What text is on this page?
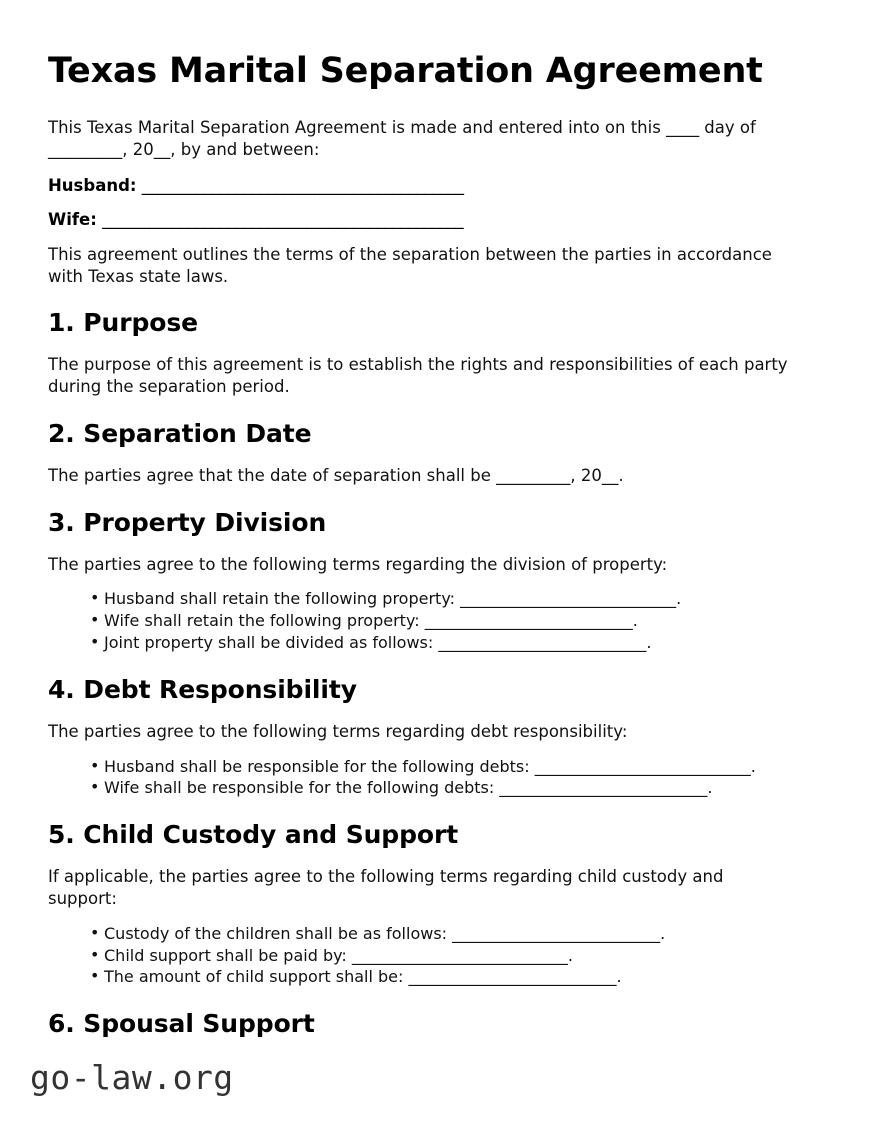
Texas Marital Separation Agreement

This Texas Marital Separation Agreement is made and entered into on this ____ day of _________, 20__, by and between:

Husband: _________________________________________
Wife: ______________________________________________

This agreement outlines the terms of the separation between the parties in accordance with Texas state laws.

1. Purpose

The purpose of this agreement is to establish the rights and responsibilities of each party during the separation period.

2. Separation Date

The parties agree that the date of separation shall be _________, 20__.

3. Property Division

The parties agree to the following terms regarding the division of property:

• Husband shall retain the following property: ___________________________.
• Wife shall retain the following property: __________________________.
• Joint property shall be divided as follows: __________________________.
4. Debt Responsibility

The parties agree to the following terms regarding debt responsibility:

• Husband shall be responsible for the following debts: ___________________________.
• Wife shall be responsible for the following debts: __________________________.
5. Child Custody and Support

If applicable, the parties agree to the following terms regarding child custody and support:

• Custody of the children shall be as follows: __________________________.
• Child support shall be paid by: ___________________________.
• The amount of child support shall be: __________________________.
6. Spousal Support
go-law.org
